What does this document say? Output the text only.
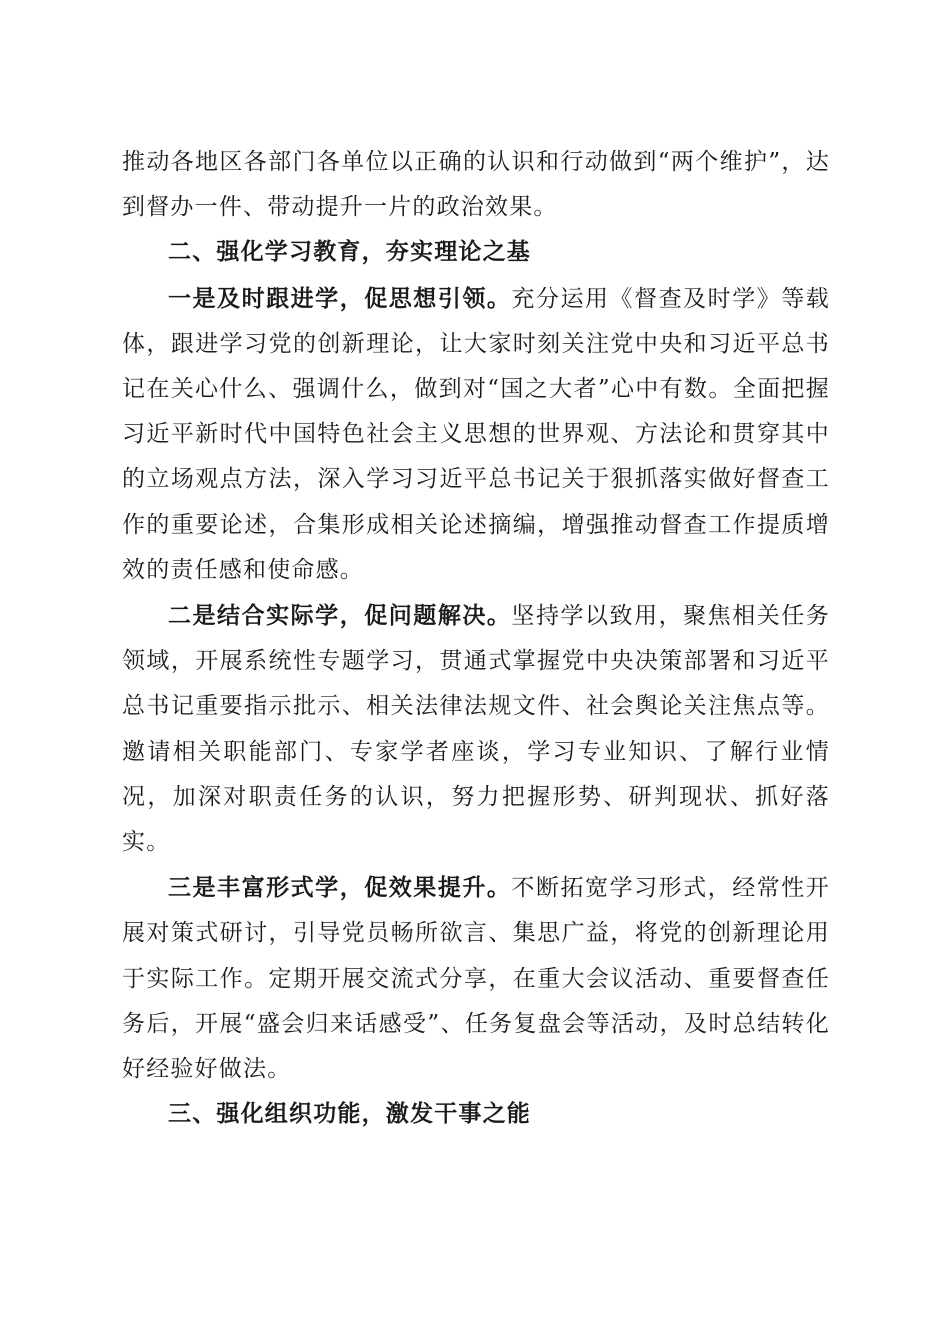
推动各地区各部门各单位以正确的认识和行动做到“两个维护”，达到督办一件、带动提升一片的政治效果。

二、强化学习教育，夯实理论之基

一是及时跟进学，促思想引领。充分运用《督查及时学》等载体，跟进学习党的创新理论，让大家时刻关注党中央和习近平总书记在关心什么、强调什么，做到对“国之大者”心中有数。全面把握习近平新时代中国特色社会主义思想的世界观、方法论和贯穿其中的立场观点方法，深入学习习近平总书记关于狠抓落实做好督查工作的重要论述，合集形成相关论述摘编，增强推动督查工作提质增效的责任感和使命感。

二是结合实际学，促问题解决。坚持学以致用，聚焦相关任务领域，开展系统性专题学习，贯通式掌握党中央决策部署和习近平总书记重要指示批示、相关法律法规文件、社会舆论关注焦点等。邀请相关职能部门、专家学者座谈，学习专业知识、了解行业情况，加深对职责任务的认识，努力把握形势、研判现状、抓好落实。

三是丰富形式学，促效果提升。不断拓宽学习形式，经常性开展对策式研讨，引导党员畅所欲言、集思广益，将党的创新理论用于实际工作。定期开展交流式分享，在重大会议活动、重要督查任务后，开展“盛会归来话感受”、任务复盘会等活动，及时总结转化好经验好做法。

三、强化组织功能，激发干事之能
